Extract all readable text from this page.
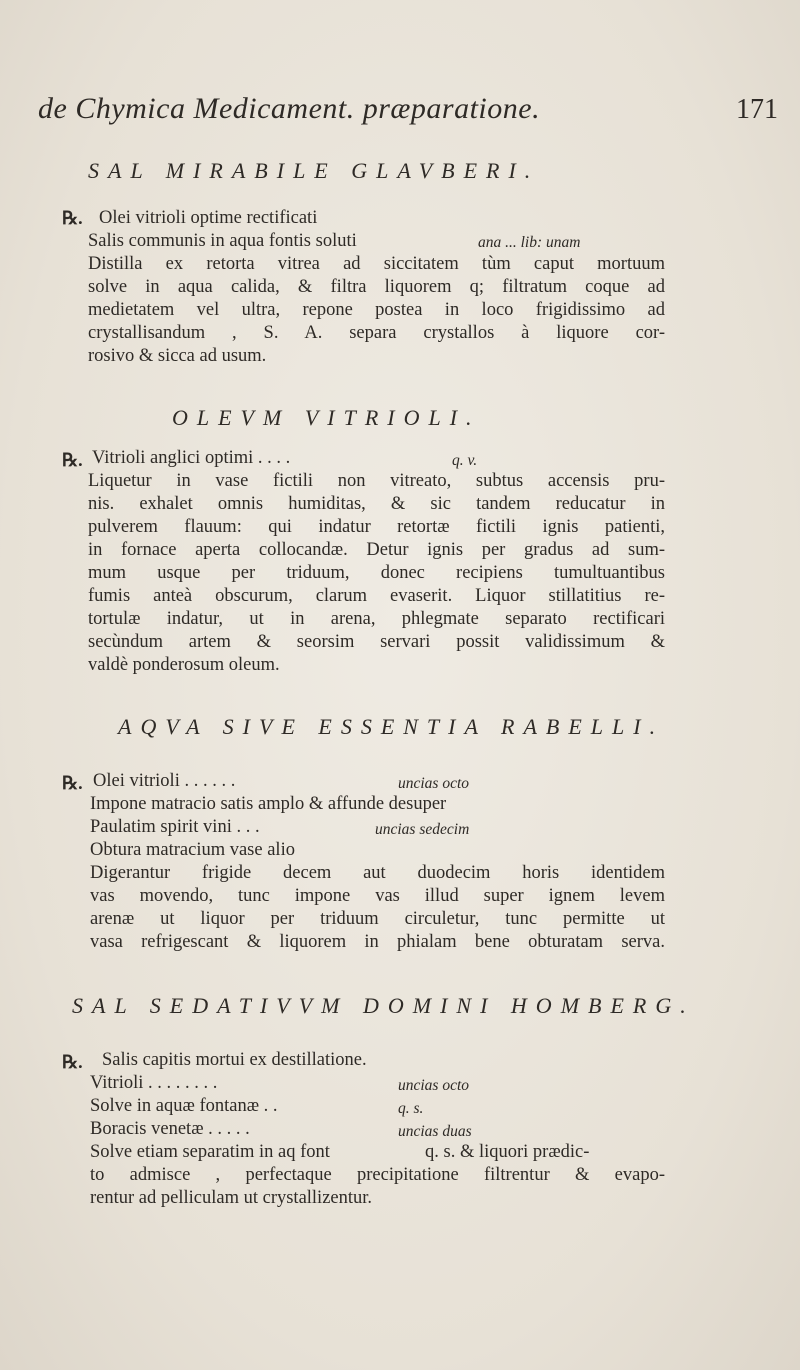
de Chymica Medicament. præparatione.	171
SAL MIRABILE GLAVBERI.
℞. Olei vitrioli optime rectificati
Salis communis in aqua fontis soluti	ana ... lib: unam
Distilla ex retorta vitrea ad siccitatem tùm caput mortuum
solve in aqua calida, & filtra liquorem q; filtratum coque ad
medietatem vel ultra, repone postea in loco frigidissimo ad
crystallisandum , S. A. separa crystallos à liquore cor-
rosivo & sicca ad usum.
OLEVM VITRIOLI.
℞. Vitrioli anglici optimi . . . .	q. v.
Liquetur in vase fictili non vitreato, subtus accensis pru-
nis. exhalet omnis humiditas, & sic tandem reducatur in
pulverem flauum: qui indatur retortæ fictili ignis patienti,
in fornace aperta collocandæ. Detur ignis per gradus ad sum-
mum usque per triduum, donec recipiens tumultuantibus
fumis anteà obscurum, clarum evaserit. Liquor stillatitius re-
tortulæ indatur, ut in arena, phlegmate separato rectificari
secùndum artem & seorsim servari possit validissimum &
valdè ponderosum oleum.
AQVA SIVE ESSENTIA RABELLI.
℞. Olei vitrioli . . . . . .	uncias octo
Impone matracio satis amplo & affunde desuper
Paulatim spirit vini . . .	uncias sedecim
Obtura matracium vase alio
Digerantur frigide decem aut duodecim horis identidem
vas movendo, tunc impone vas illud super ignem levem
arenæ ut liquor per triduum circuletur, tunc permitte ut
vasa refrigescant & liquorem in phialam bene obturatam serva.
SAL SEDATIVVM DOMINI HOMBERG.
℞. Salis capitis mortui ex destillatione.
Vitrioli . . . . . . . .	uncias octo
Solve in aquæ fontanæ . .	q. s.
Boracis venetæ . . . . .	uncias duas
Solve etiam separatim in aq font	q. s. & liquori prædic-
to admisce , perfectaque precipitatione filtrentur & evapo-
rentur ad pelliculam ut crystallizentur.
